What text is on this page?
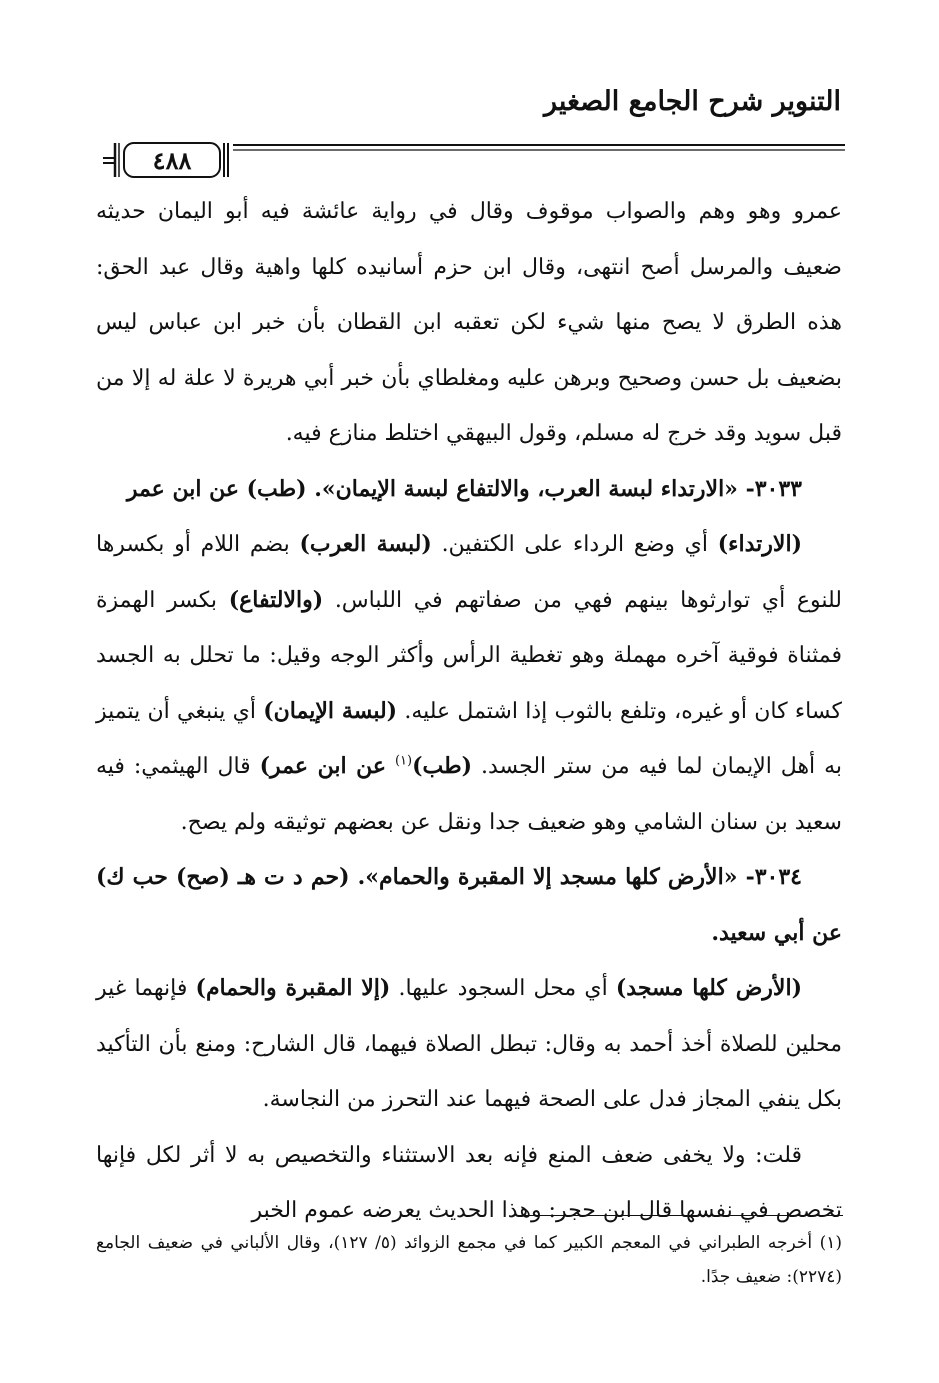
التنوير شرح الجامع الصغير
٤٨٨

عمرو وهو وهم والصواب موقوف وقال في رواية عائشة فيه أبو اليمان حديثه ضعيف والمرسل أصح انتهى، وقال ابن حزم أسانيده كلها واهية وقال عبد الحق: هذه الطرق لا يصح منها شيء لكن تعقبه ابن القطان بأن خبر ابن عباس ليس بضعيف بل حسن وصحيح وبرهن عليه ومغلطاي بأن خبر أبي هريرة لا علة له إلا من قبل سويد وقد خرج له مسلم، وقول البيهقي اختلط منازع فيه.

٣٠٣٣- «الارتداء لبسة العرب، والالتفاع لبسة الإيمان». (طب) عن ابن عمر

(الارتداء) أي وضع الرداء على الكتفين. (لبسة العرب) بضم اللام أو بكسرها للنوع أي توارثوها بينهم فهي من صفاتهم في اللباس. (والالتفاع) بكسر الهمزة فمثناة فوقية آخره مهملة وهو تغطية الرأس وأكثر الوجه وقيل: ما تحلل به الجسد كساء كان أو غيره، وتلفع بالثوب إذا اشتمل عليه. (لبسة الإيمان) أي ينبغي أن يتميز به أهل الإيمان لما فيه من ستر الجسد. (طب)$^{(١)}$ عن ابن عمر) قال الهيثمي: فيه سعيد بن سنان الشامي وهو ضعيف جدا ونقل عن بعضهم توثيقه ولم يصح.

٣٠٣٤- «الأرض كلها مسجد إلا المقبرة والحمام». (حم د ت هـ (صح) حب ك) عن أبي سعيد.

(الأرض كلها مسجد) أي محل السجود عليها. (إلا المقبرة والحمام) فإنهما غير محلين للصلاة أخذ أحمد به وقال: تبطل الصلاة فيهما، قال الشارح: ومنع بأن التأكيد بكل ينفي المجاز فدل على الصحة فيهما عند التحرز من النجاسة.

قلت: ولا يخفى ضعف المنع فإنه بعد الاستثناء والتخصيص به لا أثر لكل فإنها تخصص في نفسها قال ابن حجر: وهذا الحديث يعرضه عموم الخبر

(١) أخرجه الطبراني في المعجم الكبير كما في مجمع الزوائد (٥/ ١٢٧)، وقال الألباني في ضعيف الجامع (٢٢٧٤): ضعيف جدًا.
